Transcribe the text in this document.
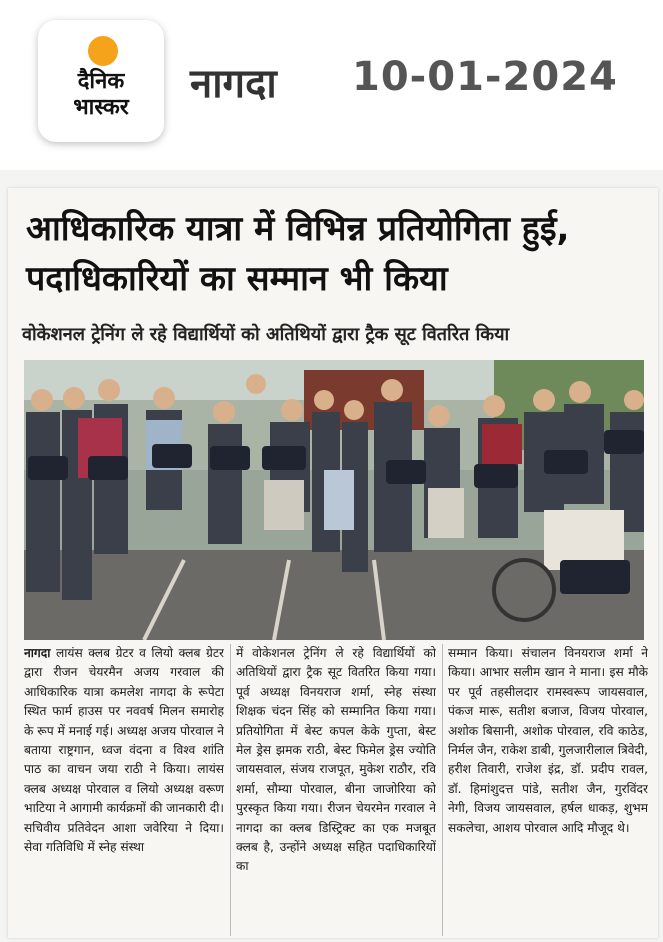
दैनिक
भास्कर
नागदा 10-01-2024
आधिकारिक यात्रा में विभिन्न प्रतियोगिता हुई, पदाधिकारियों का सम्मान भी किया
वोकेशनल ट्रेनिंग ले रहे विद्यार्थियों को अतिथियों द्वारा ट्रैक सूट वितरित किया
नागदा लायंस क्लब ग्रेटर व लियो क्लब ग्रेटर द्वारा रीजन चेयरमैन अजय गरवाल की आधिकारिक यात्रा कमलेश नागदा के रूपेटा स्थित फार्म हाउस पर नववर्ष मिलन समारोह के रूप में मनाई गई। अध्यक्ष अजय पोरवाल ने बताया राष्ट्रगान, ध्वज वंदना व विश्व शांति पाठ का वाचन जया राठी ने किया। लायंस क्लब अध्यक्ष पोरवाल व लियो अध्यक्ष वरूण भाटिया ने आगामी कार्यक्रमों की जानकारी दी। सचिवीय प्रतिवेदन आशा जवेरिया ने दिया। सेवा गतिविधि में स्नेह संस्था
में वोकेशनल ट्रेनिंग ले रहे विद्यार्थियों को अतिथियों द्वारा ट्रैक सूट वितरित किया गया। पूर्व अध्यक्ष विनयराज शर्मा, स्नेह संस्था शिक्षक चंदन सिंह को सम्मानित किया गया। प्रतियोगिता में बेस्ट कपल केके गुप्ता, बेस्ट मेल ड्रेस झमक राठी, बेस्ट फिमेल ड्रेस ज्योति जायसवाल, संजय राजपूत, मुकेश राठौर, रवि शर्मा, सौम्या पोरवाल, बीना जाजोरिया को पुरस्कृत किया गया। रीजन चेयरमेन गरवाल ने नागदा का क्लब डिस्ट्रिक्ट का एक मजबूत क्लब है, उन्होंने अध्यक्ष सहित पदाधिकारियों का
सम्मान किया। संचालन विनयराज शर्मा ने किया। आभार सलीम खान ने माना। इस मौके पर पूर्व तहसीलदार रामस्वरूप जायसवाल, पंकज मारू, सतीश बजाज, विजय पोरवाल, अशोक बिसानी, अशोक पोरवाल, रवि काठेड, निर्मल जैन, राकेश डाबी, गुलजारीलाल त्रिवेदी, हरीश तिवारी, राजेश इंद्र, डॉ. प्रदीप रावल, डॉ. हिमांशुदत्त पांडे, सतीश जैन, गुरविंदर नेगी, विजय जायसवाल, हर्षल धाकड़, शुभम सकलेचा, आशय पोरवाल आदि मौजूद थे।
